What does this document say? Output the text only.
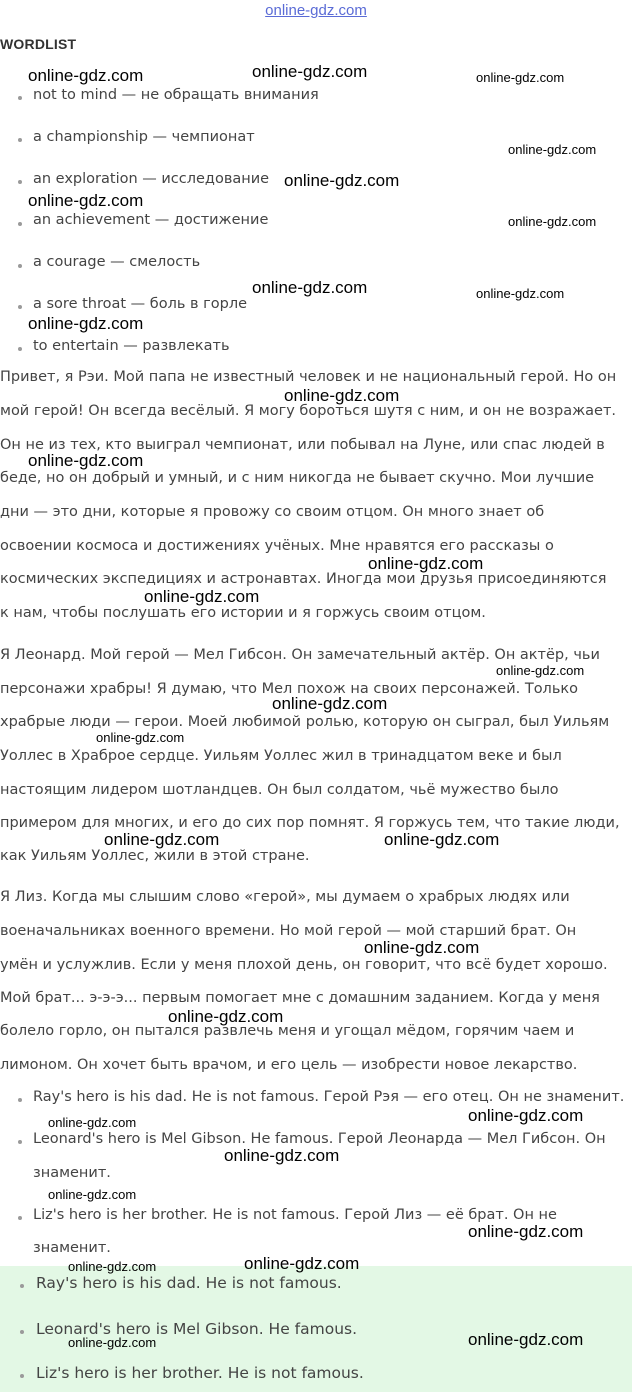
online-gdz.com
WORDLIST
not to mind — не обращать внимания
a championship — чемпионат
an exploration — исследование
an achievement — достижение
a courage — смелость
a sore throat — боль в горле
to entertain — развлекать
Привет, я Рэи. Мой папа не известный человек и не национальный герой. Но он
мой герой! Он всегда весёлый. Я могу бороться шутя с ним, и он не возражает.
Он не из тех, кто выиграл чемпионат, или побывал на Луне, или спас людей в
беде, но он добрый и умный, и с ним никогда не бывает скучно. Мои лучшие
дни — это дни, которые я провожу со своим отцом. Он много знает об
освоении космоса и достижениях учёных. Мне нравятся его рассказы о
космических экспедициях и астронавтах. Иногда мои друзья присоединяются
к нам, чтобы послушать его истории и я горжусь своим отцом.
Я Леонард. Мой герой — Мел Гибсон. Он замечательный актёр. Он актёр, чьи
персонажи храбры! Я думаю, что Мел похож на своих персонажей. Только
храбрые люди — герои. Моей любимой ролью, которую он сыграл, был Уильям
Уоллес в Храброе сердце. Уильям Уоллес жил в тринадцатом веке и был
настоящим лидером шотландцев. Он был солдатом, чьё мужество было
примером для многих, и его до сих пор помнят. Я горжусь тем, что такие люди,
как Уильям Уоллес, жили в этой стране.
Я Лиз. Когда мы слышим слово «герой», мы думаем о храбрых людях или
военачальниках военного времени. Но мой герой — мой старший брат. Он
умён и услужлив. Если у меня плохой день, он говорит, что всё будет хорошо.
Мой брат... э-э-э... первым помогает мне с домашним заданием. Когда у меня
болело горло, он пытался развлечь меня и угощал мёдом, горячим чаем и
лимоном. Он хочет быть врачом, и его цель — изобрести новое лекарство.
Ray's hero is his dad. He is not famous. Герой Рэя — его отец. Он не знаменит.
Leonard's hero is Mel Gibson. He famous. Герой Леонарда — Мел Гибсон. Он
знаменит.
Liz's hero is her brother. He is not famous. Герой Лиз — её брат. Он не
знаменит.
Ray's hero is his dad. He is not famous.
Leonard's hero is Mel Gibson. He famous.
Liz's hero is her brother. He is not famous.
online-gdz.com	online-gdz.com	online-gdz.com
online-gdz.com
online-gdz.com
online-gdz.com
online-gdz.com
online-gdz.com	online-gdz.com
online-gdz.com
online-gdz.com
online-gdz.com
online-gdz.com
online-gdz.com
online-gdz.com
online-gdz.com
online-gdz.com
online-gdz.com	online-gdz.com
online-gdz.com
online-gdz.com
online-gdz.com
online-gdz.com
online-gdz.com
online-gdz.com
online-gdz.com
online-gdz.com
online-gdz.com
online-gdz.com
online-gdz.com
